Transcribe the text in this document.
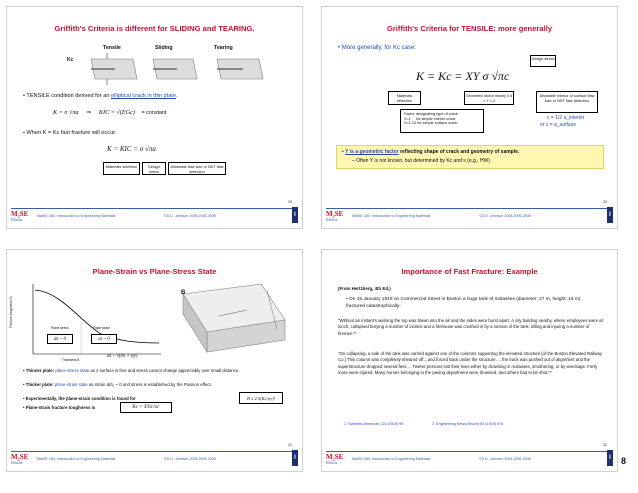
Griffith's Criteria is different for SLIDING and TEARING.
Tensile	Sliding	Tearing
Kc
• TENSILE condition derived for an elliptical crack in thin plate.
K = σ √πa ⇒ KIC = √(EGc) = constant
• When K = Kc fast fracture will occur:
K = KIC = σ √πa
Materials selection	Design stress
Allowable flaw size or NDT flaw detection
29
M₂SE
Illinois
MatSE 280: Introduction to Engineering Materials	©D.D. Johnson 2004,2006-2008	I
Griffith's Criteria for TENSILE: more generally
• More generally, for Kc case:
Design stress
K = Kc = XY σ √πc
Materials selection
Geometric factor mostly 0.5 < Y < 2
Allowable interior or surface flaw size or NDT flaw detection
Factor designating type of crack
X=1     for simple interior crack
X=1.12 for simple surface crack.
c = 1/2 a_interior
or c = a_surface
• Y is a geometric factor reflecting shape of crack and geometry of sample.
– Often Y is not known, but determined by Kc and s (e.g., HW)
30
M₂SE
Illinois
MatSE 280: Introduction to Engineering Materials	©D.D. Johnson 2004,2006-2008	I
Plane-Strain vs Plane-Stress State
Fracture toughness Kc
Thickness B
Plane stress	Plane strain
σz ~ 0	εz ~ 0
σz ~ ν(σx + σy)
B
• Thinner plate: plane-stress state as z-surface is free and stress cannot change appreciably over small distance.
• Thicker plate: plane-strain state as strain Δl/l₀ ~ 0 and stress is established by the Poisson effect.
• Experimentally, the plane-strain condition is found for	B ≥ 2.5(Kc/σy)²
• Plane-strain fracture toughness is	Kc = XYσ√πc
31
M₂SE
Illinois
MatSE 280: Introduction to Engineering Materials	©D.D. Johnson 2004,2006-2008	I
Importance of Fast Fracture: Example
(From Hertzberg, 4th Ed.)
• On 15 January 1919 on Commercial Street in Boston a huge tank of molasses (diameter: 27 m, height: 15 m) fractured catastrophically:
"Without an instant's warning the top was blown into the air and the sides were burst apart. A city building nearby, where employees were at lunch, collapsed burying a number of victims and a firehouse was crushed in by a section of the tank, killing and injuring a number of firemen."¹
"On collapsing, a side of the tank was carried against one of the columns supporting the elevated structure [of the Boston Elevated Railway Co.] This column was completely sheared off…and forced back under the structure…. the track was pushed out of alignment and the superstructure dropped several feet…. Twelve persons lost their lives either by drowning in molasses, smothering, or by wreckage. Forty more were injured. Many horses belonging to the paving department were drowned, and others had to be shot."²
1. Scientific American 120 (1919) 99.	2. Engineering News-Record 82 (1919) 974.
32
M₂SE
Illinois
MatSE 280: Introduction to Engineering Materials	©D.D. Johnson 2004,2006-2008	I 8
